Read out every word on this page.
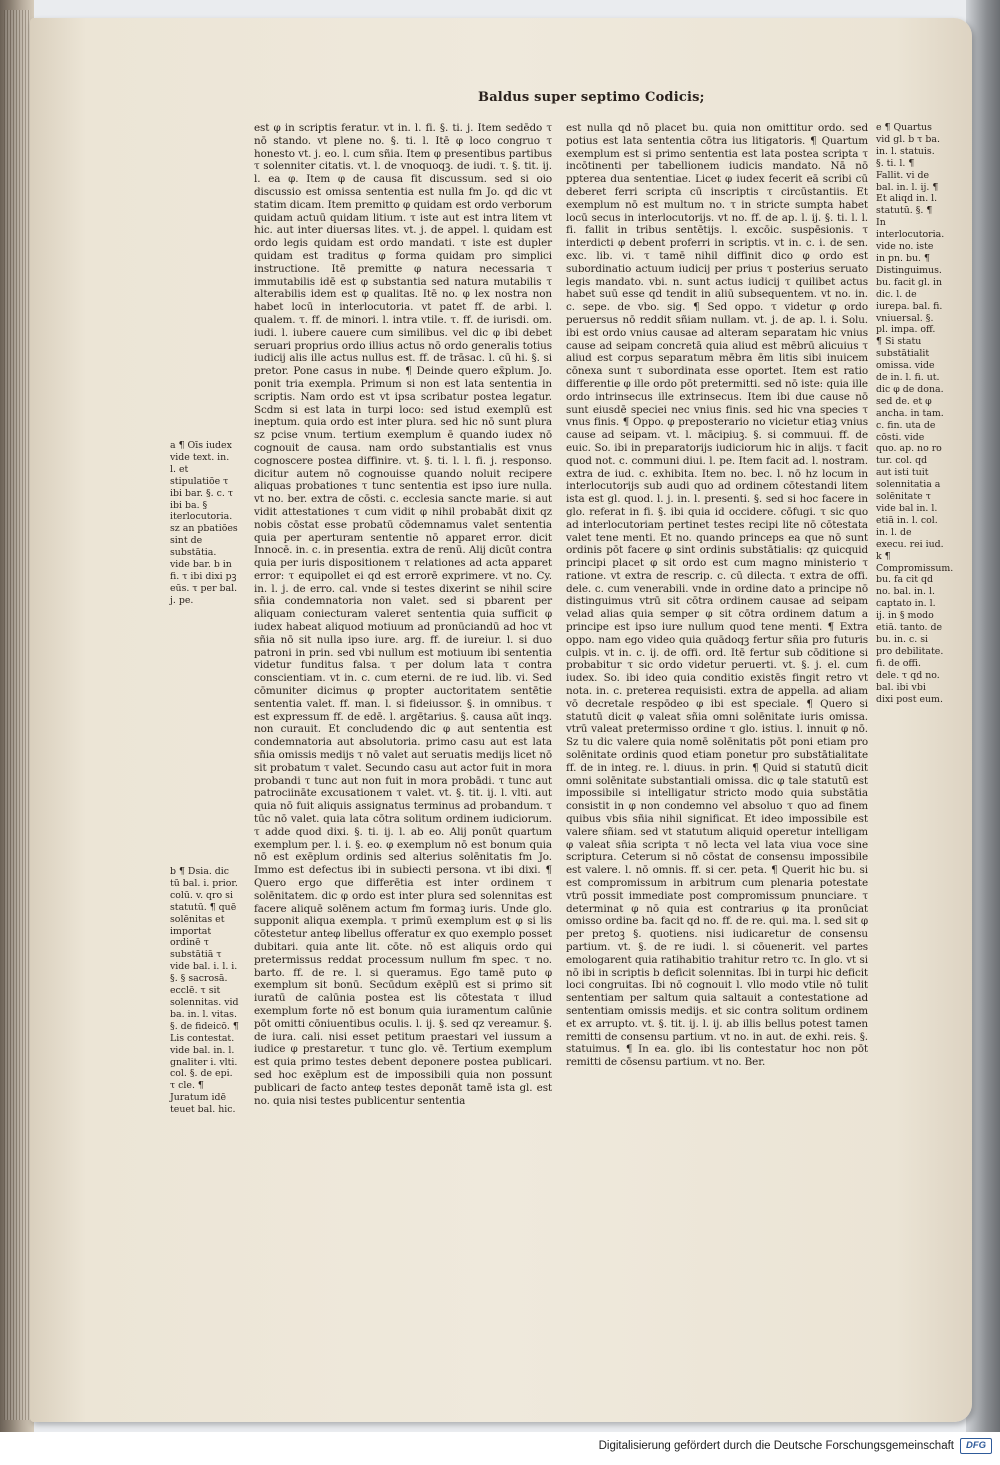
Baldus super septimo Codicis;
est φ in scriptis feratur. vt in. l. fi. §. ti. j. Item sedēdo τ nō stando. vt plene no. §. ti. l. Itē φ loco congruo τ honesto vt. j. eo. l. cum sñia. Item φ presentibus partibus τ solenniter citatis. vt. l. de vnoquoqꝫ. de iudi. τ. §. tit. ij. l. ea φ. Item φ de causa fit discussum. sed si oio discussio est omissa sententia est nulla fm Jo. qd dic vt statim dicam. Item premitto φ quidam est ordo verborum quidam actuū quidam litium. τ iste aut est intra litem vt hic. aut inter diuersas lites. vt. j. de appel. l. quidam est ordo legis quidam est ordo mandati. τ iste est dupler quidam est traditus φ forma quidam pro simplici instructione. Itē premitte φ natura necessaria τ immutabilis idē est φ substantia sed natura mutabilis τ alterabilis idem est φ qualitas. Itē no. φ lex nostra non habet locū in interlocutoria. vt patet ff. de arbi. l. qualem. τ. ff. de minori. l. intra vtile. τ. ff. de iurisdi. om. iudi. l. iubere cauere cum similibus. vel dic φ ibi debet seruari proprius ordo illius actus nō ordo generalis totius iudicij alis ille actus nullus est. ff. de trāsac. l. cū hi. §. si pretor. Pone casus in nube. ¶ Deinde quero ex̄plum. Jo. ponit tria exempla. Primum si non est lata sententia in scriptis. Nam ordo est vt ipsa scribatur postea legatur. Scdm si est lata in turpi loco: sed istud exemplū est ineptum. quia ordo est inter plura. sed hic nō sunt plura sz pcise vnum. tertium exemplum ē quando iudex nō cognouit de causa. nam ordo substantialis est vnus cognoscere postea diffinire. vt. §. ti. l. l. fi. j. responso. dicitur autem nō cognouisse quando noluit recipere aliquas probationes τ tunc sententia est ipso iure nulla. vt no. ber. extra de cōsti. c. ecclesia sancte marie. si aut vidit attestationes τ cum vidit φ nihil probabāt dixit qz nobis cōstat esse probatū cōdemnamus valet sententia quia per aperturam sententie nō apparet error. dicit Innocē. in. c. in presentia. extra de renū. Alij dicūt contra quia per iuris dispositionem τ relationes ad acta apparet error: τ equipollet ei qd est errorē exprimere. vt no. Cy. in. l. j. de erro. cal. vnde si testes dixerint se nihil scire sñia condemnatoria non valet. sed si pbarent per aliquam coniecturam valeret sententia quia sufficit φ iudex habeat aliquod motiuum ad pronūciandū ad hoc vt sñia nō sit nulla ipso iure. arg. ff. de iureiur. l. si duo patroni in prin. sed vbi nullum est motiuum ibi sententia videtur funditus falsa. τ per dolum lata τ contra conscientiam. vt in. c. cum eterni. de re iud. lib. vi. Sed cōmuniter dicimus φ propter auctoritatem sentētie sententia valet. ff. man. l. si fideiussor. §. in omnibus. τ est expressum ff. de edē. l. argētarius. §. causa aūt inqȝ. non curauit. Et concludendo dic φ aut sententia est condemnatoria aut absolutoria. primo casu aut est lata sñia omissis medijs τ nō valet aut seruatis medijs licet nō sit probatum τ valet. Secundo casu aut actor fuit in mora probandi τ tunc aut non fuit in mora probādi. τ tunc aut patrociināte excusationem τ valet. vt. §. tit. ij. l. vlti. aut quia nō fuit aliquis assignatus terminus ad probandum. τ tūc nō valet. quia lata cōtra solitum ordinem iudiciorum. τ adde quod dixi. §. ti. ij. l. ab eo. Alij ponūt quartum exemplum per. l. i. §. eo. φ exemplum nō est bonum quia nō est exēplum ordinis sed alterius solēnitatis fm Jo. Immo est defectus ibi in subiecti persona. vt ibi dixi. ¶ Quero ergo que differētia est inter ordinem τ solēnitatem. dic φ ordo est inter plura sed solennitas est facere aliquē solēnem actum fm formaꝫ iuris. Unde glo. supponit aliqua exempla. τ primū exemplum est φ si lis cōtestetur anteφ libellus offeratur ex quo exemplo posset dubitari. quia ante lit. cōte. nō est aliquis ordo qui pretermissus reddat processum nullum fm spec. τ no. barto. ff. de re. l. si queramus. Ego tamē puto φ exemplum sit bonū. Secūdum exēplū est si primo sit iuratū de calūnia postea est lis cōtestata τ illud exemplum forte nō est bonum quia iuramentum calūnie pōt omitti cōniuentibus oculis. l. ij. §. sed qz vereamur. §. de iura. cali. nisi esset petitum praestari vel iussum a iudice φ prestaretur. τ tunc glo. vē. Tertium exemplum est quia primo testes debent deponere postea publicari. sed hoc exēplum est de impossibili quia non possunt publicari de facto anteφ testes deponāt tamē ista gl. est no. quia nisi testes publicentur sententia
est nulla qd nō placet bu. quia non omittitur ordo. sed potius est lata sententia cōtra ius litigatoris. ¶ Quartum exemplum est si primo sententia est lata postea scripta τ incōtinenti per tabellionem iudicis mandato. Nā nō ppterea dua sententiae. Licet φ iudex fecerit eā scribi cū deberet ferri scripta cū inscriptis τ circūstantiis. Et exemplum nō est multum no. τ in stricte sumpta habet locū secus in interlocutorijs. vt no. ff. de ap. l. ij. §. ti. l. l. fi. fallit in tribus sentētijs. l. excōic. suspēsionis. τ interdicti φ debent proferri in scriptis. vt in. c. i. de sen. exc. lib. vi. τ tamē nihil diffinit dico φ ordo est subordinatio actuum iudicij per prius τ posterius seruato legis mandato. vbi. n. sunt actus iudicij τ quilibet actus habet suū esse qd tendit in aliū subsequentem. vt no. in. c. sepe. de vbo. sig. ¶ Sed oppo. τ videtur φ ordo peruersus nō reddit sñiam nullam. vt. j. de ap. l. i. Solu. ibi est ordo vnius causae ad alteram separatam hic vnius cause ad seipam concretā quia aliud est mēbrū alicuius τ aliud est corpus separatum mēbra ēm litis sibi inuicem cōnexa sunt τ subordinata esse oportet. Item est ratio differentie φ ille ordo pōt pretermitti. sed nō iste: quia ille ordo intrinsecus ille extrinsecus. Item ibi due cause nō sunt eiusdē speciei nec vnius finis. sed hic vna species τ vnus finis. ¶ Oppo. φ preposterario no vicietur etiaꝫ vnius cause ad seipam. vt. l. mācipiuꝫ. §. si commuui. ff. de euic. So. ibi in preparatorijs iudiciorum hic in alijs. τ facit quod not. c. communi diui. l. pe. Item facit ad. l. nostram. extra de iud. c. exhibita. Item no. bec. l. nō hz locum in interlocutorijs sub audi quo ad ordinem cōtestandi litem ista est gl. quod. l. j. in. l. presenti. §. sed si hoc facere in glo. referat in fi. §. ibi quia id occidere. cōfugi. τ sic quo ad interlocutoriam pertinet testes recipi lite nō cōtestata valet tene menti. Et no. quando princeps ea que nō sunt ordinis pōt facere φ sint ordinis substātialis: qz quicquid principi placet φ sit ordo est cum magno ministerio τ ratione. vt extra de rescrip. c. cū dilecta. τ extra de offi. dele. c. cum venerabili. vnde in ordine dato a principe nō distinguimus vtrū sit cōtra ordinem causae ad seipam velad alias quia semper φ sit cōtra ordinem datum a principe est ipso iure nullum quod tene menti. ¶ Extra oppo. nam ego video quia quādoqꝫ fertur sñia pro futuris culpis. vt in. c. ij. de offi. ord. Itē fertur sub cōditione si probabitur τ sic ordo videtur peruerti. vt. §. j. el. cum iudex. So. ibi ideo quia conditio existēs fingit retro vt nota. in. c. preterea requisisti. extra de appella. ad aliam vō decretale respōdeo φ ibi est speciale. ¶ Quero si statutū dicit φ valeat sñia omni solēnitate iuris omissa. vtrū valeat pretermisso ordine τ glo. istius. l. innuit φ nō. Sz tu dic valere quia nomē solēnitatis pōt poni etiam pro solēnitate ordinis quod etiam ponetur pro substātialitate ff. de in integ. re. l. diuus. in prin. ¶ Quid si statutū dicit omni solēnitate substantiali omissa. dic φ tale statutū est impossibile si intelligatur stricto modo quia substātia consistit in φ non condemno vel absoluo τ quo ad finem quibus vbis sñia nihil significat. Et ideo impossibile est valere sñiam. sed vt statutum aliquid operetur intelligam φ valeat sñia scripta τ nō lecta vel lata viua voce sine scriptura. Ceterum si nō cōstat de consensu impossibile est valere. l. nō omnis. ff. si cer. peta. ¶ Querit hic bu. si est compromissum in arbitrum cum plenaria potestate vtrū possit immediate post compromissum pnunciare. τ determinat φ nō quia est contrarius φ ita pronūciat omisso ordine ba. facit qd no. ff. de re. qui. ma. l. sed sit φ per pretoꝫ §. quotiens. nisi iudicaretur de consensu partium. vt. §. de re iudi. l. si cōuenerit. vel partes emologarent quia ratihabitio trahitur retro τc. In glo. vt si nō ibi in scriptis b deficit solennitas. Ibi in turpi hic deficit loci congruitas. Ibi nō cognouit l. vllo modo vtile nō tulit sententiam per saltum quia saltauit a contestatione ad sententiam omissis medijs. et sic contra solitum ordinem et ex arrupto. vt. §. tit. ij. l. ij. ab illis bellus potest tamen remitti de consensu partium. vt no. in aut. de exhi. reis. §. statuimus. ¶ In ea. glo. ibi lis contestatur hoc non pōt remitti de cōsensu partium. vt no. Ber.
e ¶ Quartus vid gl. b τ ba. in. l. statuis. §. ti. l. ¶ Fallit. vi de bal. in. l. ij. ¶ Et aliqd in. l. statutū. §. ¶ In interlocutoria. vide no. iste in pn. bu. ¶ Distinguimus. bu. facit gl. in dic. l. de iurepa. bal. fi. vniuersal. §. pl. impa. off. ¶ Si statu substātialit omissa. vide de in. l. fi. ut. dic φ de dona. sed de. et φ ancha. in tam. c. fin. uta de cōsti. vide quo. ap. no ro tur. col. qd aut isti tuit solennitatia a solēnitate τ vide bal in. l. etiā in. l. col. in. l. de execu. rei iud. k ¶ Compromissum. bu. fa cit qd no. bal. in. l. captato in. l. ij. in § modo etiā. tanto. de bu. in. c. si pro debilitate. fi. de offi. dele. τ qd no. bal. ibi vbi dixi post eum.
a ¶ Oīs iudex vide text. in. l. et stipulatiōe τ ibi bar. §. c. τ ibi ba. § iterlocutoria. sz an pbatiōes sint de substātia. vide bar. b in fi. τ ibi dixi pꝫ eūs. τ per bal. j. pe.
b ¶ Dsia. dic tū bal. i. prior. colū. v. qro si statutū. ¶ quē solēnitas et importat ordinē τ substātiā τ vide bal. i. l. i. §. § sacrosā. ecclē. τ sit solennitas. vid ba. in. l. vitas. §. de fideicō. ¶ Lis contestat. vide bal. in. l. gnaliter i. vlti. col. §. de epi. τ cle. ¶ Juratum idē teuet bal. hic.
Digitalisierung gefördert durch die Deutsche Forschungsgemeinschaft	DFG
